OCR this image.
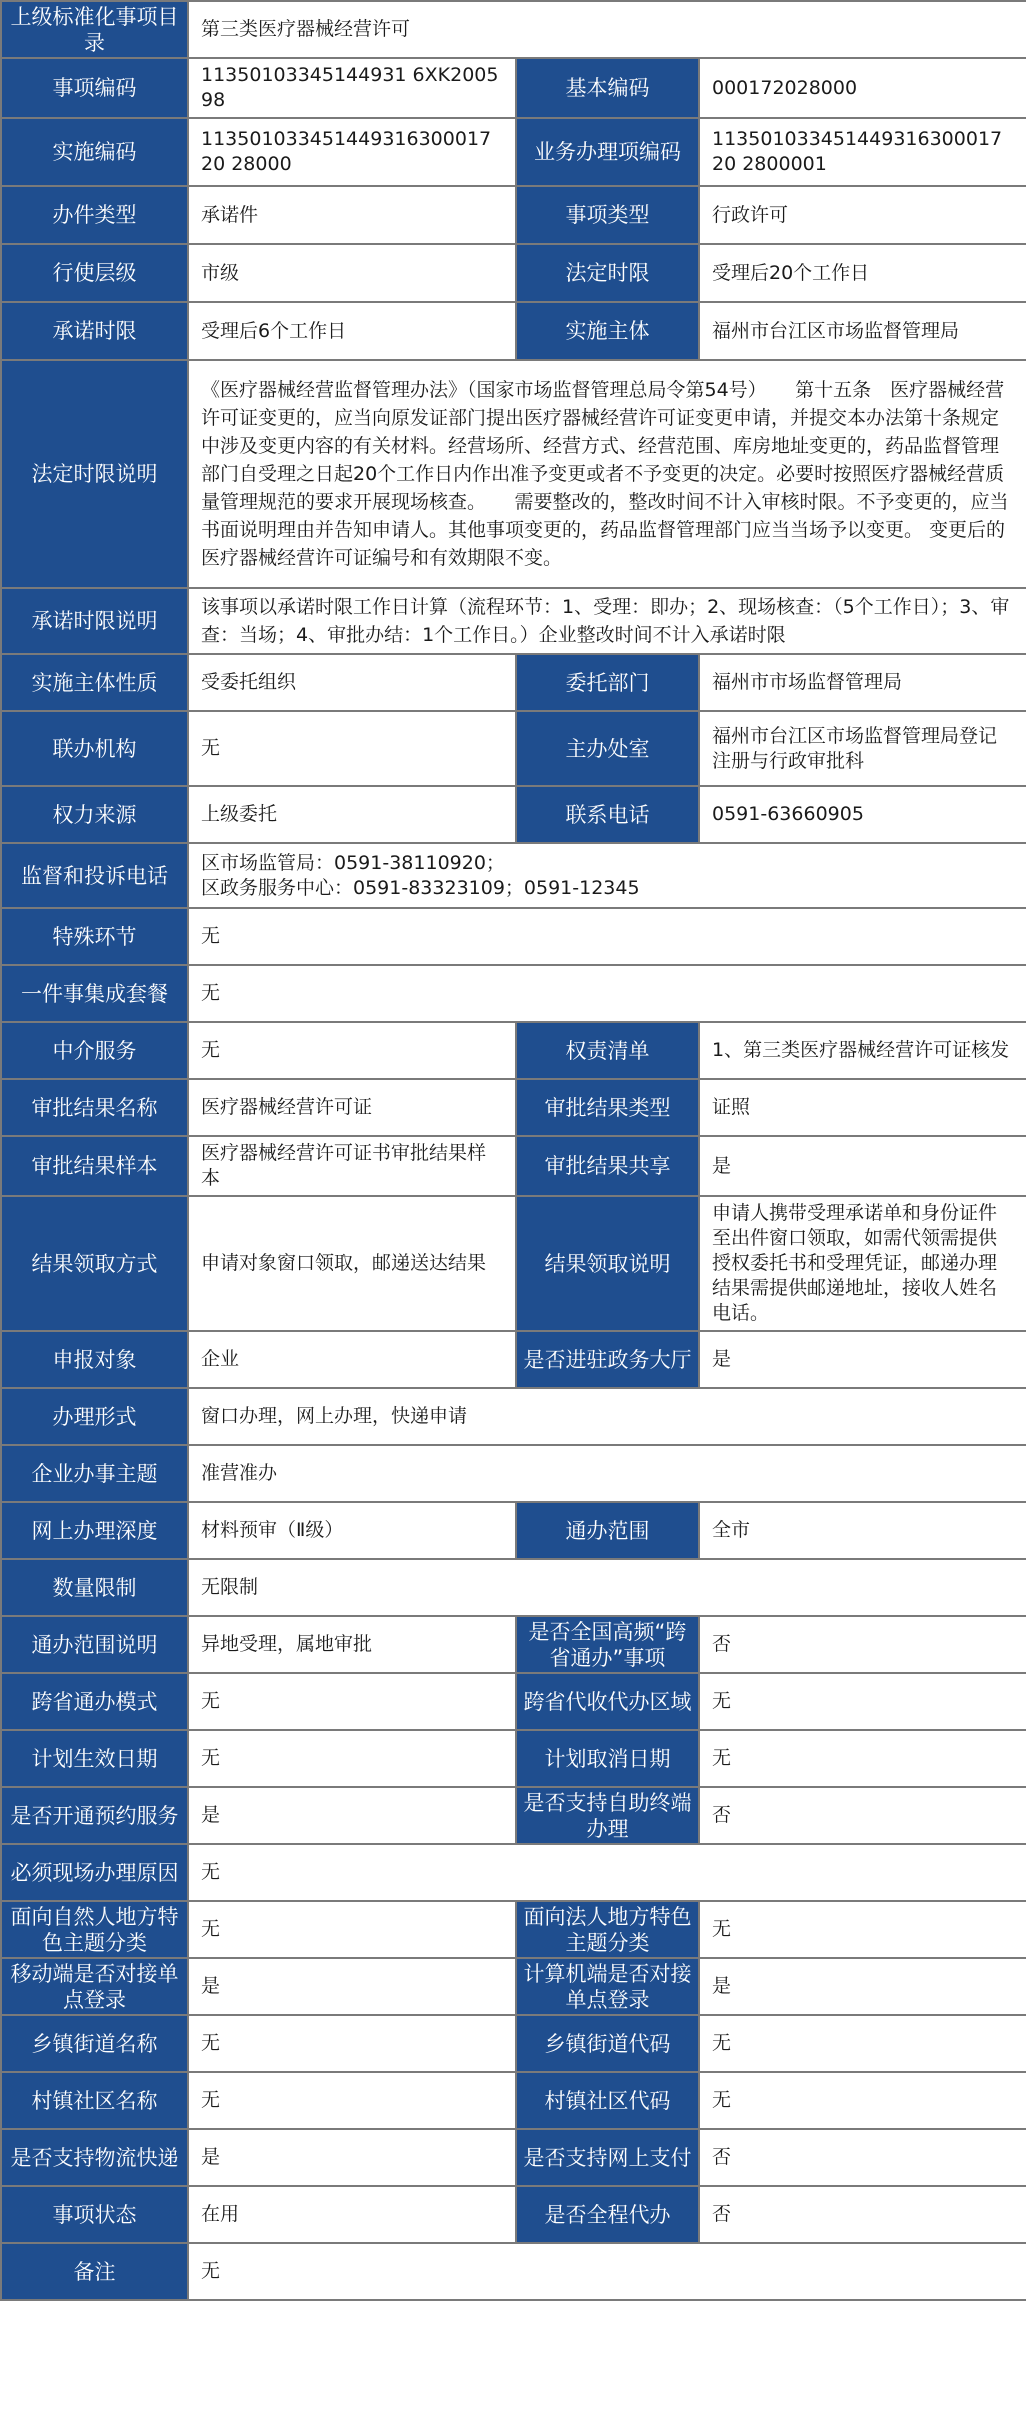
上级标准化事项目录	第三类医疗器械经营许可		
事项编码	11350103345144931 6XK200598	基本编码	000172028000
实施编码	11350103345144931630001720 28000	业务办理项编码	11350103345144931630001720 2800001
办件类型	承诺件	事项类型	行政许可
行使层级	市级	法定时限	受理后20个工作日
承诺时限	受理后6个工作日	实施主体	福州市台江区市场监督管理局
法定时限说明	《医疗器械经营监督管理办法》（国家市场监督管理总局令第54号）　　第十五条　医疗器械经营许可证变更的，应当向原发证部门提出医疗器械经营许可证变更申请，并提交本办法第十条规定中涉及变更内容的有关材料。经营场所、经营方式、经营范围、库房地址变更的，药品监督管理部门自受理之日起20个工作日内作出准予变更或者不予变更的决定。必要时按照医疗器械经营质量管理规范的要求开展现场核查。　　需要整改的，整改时间不计入审核时限。不予变更的，应当书面说明理由并告知申请人。其他事项变更的，药品监督管理部门应当当场予以变更。 变更后的医疗器械经营许可证编号和有效期限不变。		
承诺时限说明	该事项以承诺时限工作日计算（流程环节：1、受理：即办；2、现场核查：（5个工作日）；3、审查：当场；4、审批办结：1个工作日。）企业整改时间不计入承诺时限		
实施主体性质	受委托组织	委托部门	福州市市场监督管理局
联办机构	无	主办处室	福州市台江区市场监督管理局登记注册与行政审批科
权力来源	上级委托	联系电话	0591-63660905
监督和投诉电话	区市场监管局：0591-38110920；
区政务服务中心：0591-83323109；0591-12345		
特殊环节	无		
一件事集成套餐	无		
中介服务	无	权责清单	1、第三类医疗器械经营许可证核发
审批结果名称	医疗器械经营许可证	审批结果类型	证照
审批结果样本	医疗器械经营许可证书审批结果样本	审批结果共享	是
结果领取方式	申请对象窗口领取，邮递送达结果	结果领取说明	申请人携带受理承诺单和身份证件至出件窗口领取，如需代领需提供授权委托书和受理凭证，邮递办理结果需提供邮递地址，接收人姓名电话。
申报对象	企业	是否进驻政务大厅	是
办理形式	窗口办理，网上办理，快递申请		
企业办事主题	准营准办		
网上办理深度	材料预审（Ⅱ级）	通办范围	全市
数量限制	无限制		
通办范围说明	异地受理，属地审批	是否全国高频“跨省通办”事项	否
跨省通办模式	无	跨省代收代办区域	无
计划生效日期	无	计划取消日期	无
是否开通预约服务	是	是否支持自助终端办理	否
必须现场办理原因	无		
面向自然人地方特色主题分类	无	面向法人地方特色主题分类	无
移动端是否对接单点登录	是	计算机端是否对接单点登录	是
乡镇街道名称	无	乡镇街道代码	无
村镇社区名称	无	村镇社区代码	无
是否支持物流快递	是	是否支持网上支付	否
事项状态	在用	是否全程代办	否
备注	无		
